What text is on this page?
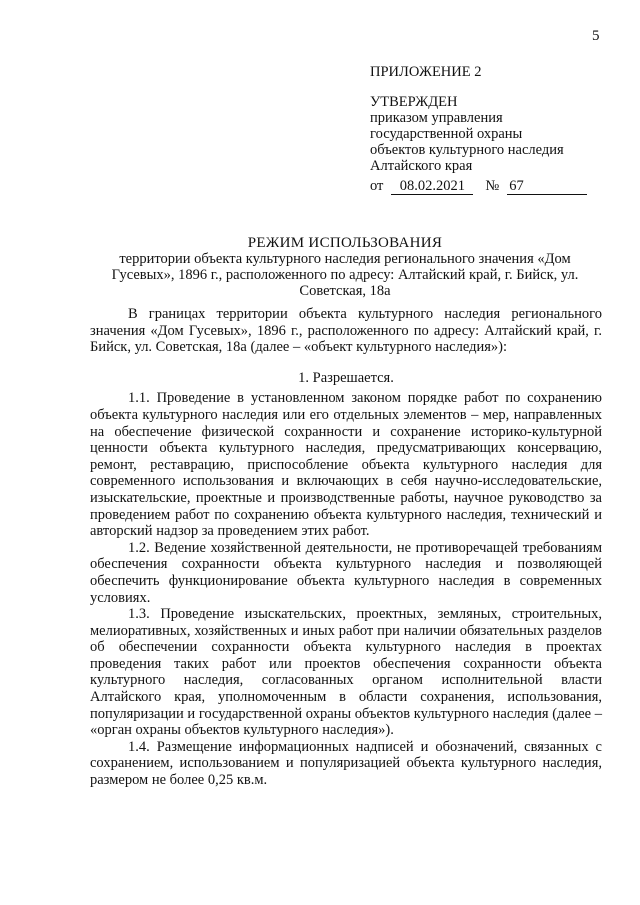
5
ПРИЛОЖЕНИЕ 2
УТВЕРЖДЕН
приказом управления
государственной охраны
объектов культурного наследия
Алтайского края
от 08.02.2021 № 67
РЕЖИМ ИСПОЛЬЗОВАНИЯ
территории объекта культурного наследия регионального значения «Дом Гусевых», 1896 г., расположенного по адресу: Алтайский край, г. Бийск, ул. Советская, 18а

В границах территории объекта культурного наследия регионального значения «Дом Гусевых», 1896 г., расположенного по адресу: Алтайский край, г. Бийск, ул. Советская, 18а (далее – «объект культурного наследия»):

1. Разрешается.

1.1. Проведение в установленном законом порядке работ по сохранению объекта культурного наследия или его отдельных элементов – мер, направленных на обеспечение физической сохранности и сохранение историко-культурной ценности объекта культурного наследия, предусматривающих консервацию, ремонт, реставрацию, приспособление объекта культурного наследия для современного использования и включающих в себя научно-исследовательские, изыскательские, проектные и производственные работы, научное руководство за проведением работ по сохранению объекта культурного наследия, технический и авторский надзор за проведением этих работ.

1.2. Ведение хозяйственной деятельности, не противоречащей требованиям обеспечения сохранности объекта культурного наследия и позволяющей обеспечить функционирование объекта культурного наследия в современных условиях.

1.3. Проведение изыскательских, проектных, земляных, строительных, мелиоративных, хозяйственных и иных работ при наличии обязательных разделов об обеспечении сохранности объекта культурного наследия в проектах проведения таких работ или проектов обеспечения сохранности объекта культурного наследия, согласованных органом исполнительной власти Алтайского края, уполномоченным в области сохранения, использования, популяризации и государственной охраны объектов культурного наследия (далее – «орган охраны объектов культурного наследия»).

1.4. Размещение информационных надписей и обозначений, связанных с сохранением, использованием и популяризацией объекта культурного наследия, размером не более 0,25 кв.м.
